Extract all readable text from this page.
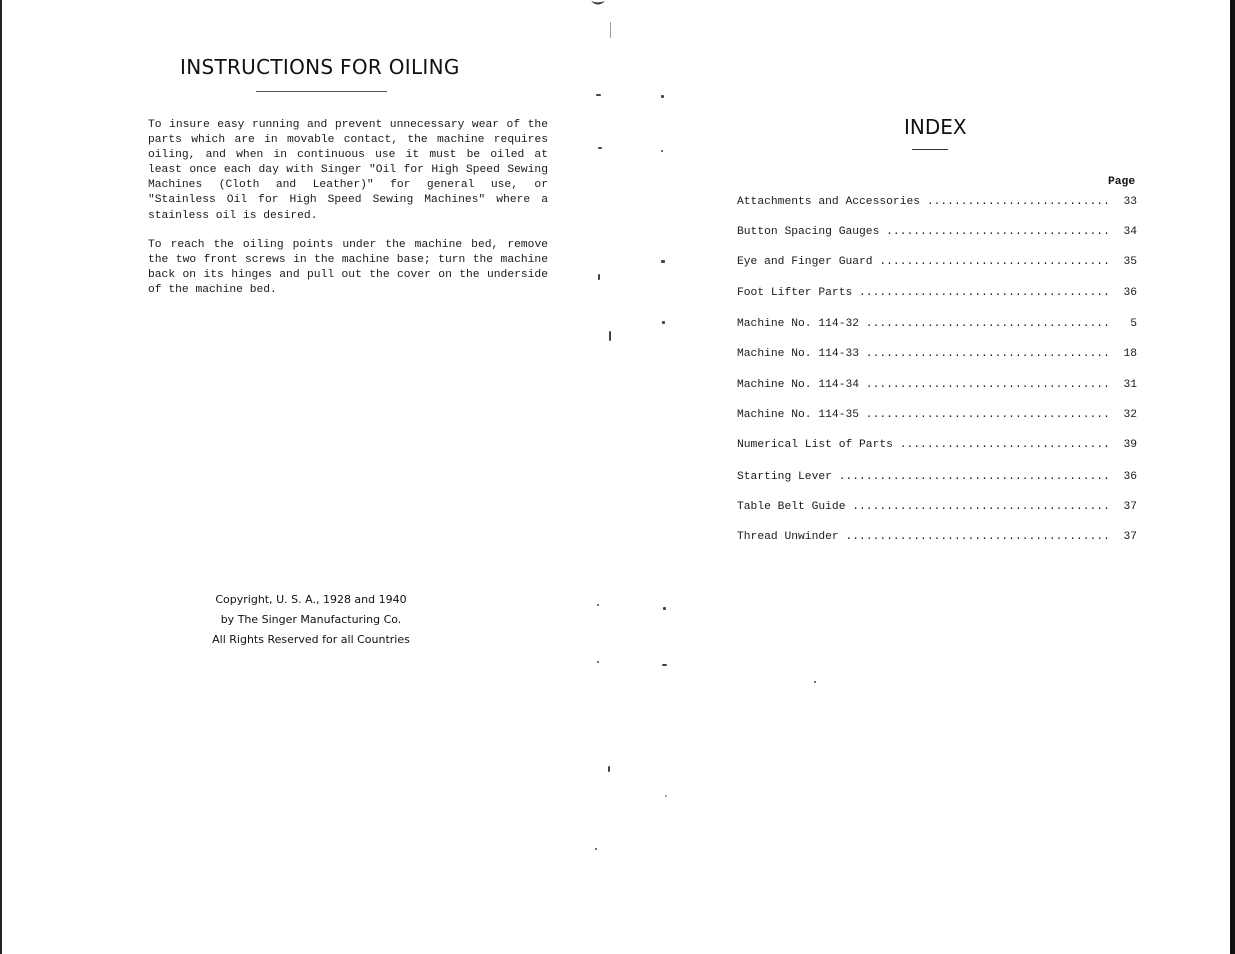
INSTRUCTIONS FOR OILING

To insure easy running and prevent unnecessary wear of the parts which are in movable contact, the machine requires oiling, and when in continuous use it must be oiled at least once each day with Singer "Oil for High Speed Sewing Machines (Cloth and Leather)" for general use, or "Stainless Oil for High Speed Sewing Machines" where a stainless oil is desired.

To reach the oiling points under the machine bed, remove the two front screws in the machine base; turn the machine back on its hinges and pull out the cover on the underside of the machine bed.

Copyright, U. S. A., 1928 and 1940
by The Singer Manufacturing Co.
All Rights Reserved for all Countries
INDEX
Page
Attachments and Accessories .....	33
Button Spacing Gauges .....	34
Eye and Finger Guard .....	35
Foot Lifter Parts .....	36
Machine No. 114-32 .....	5
Machine No. 114-33 .....	18
Machine No. 114-34 .....	31
Machine No. 114-35 .....	32
Numerical List of Parts .....	39
Starting Lever .....	36
Table Belt Guide .....	37
Thread Unwinder .....	37
